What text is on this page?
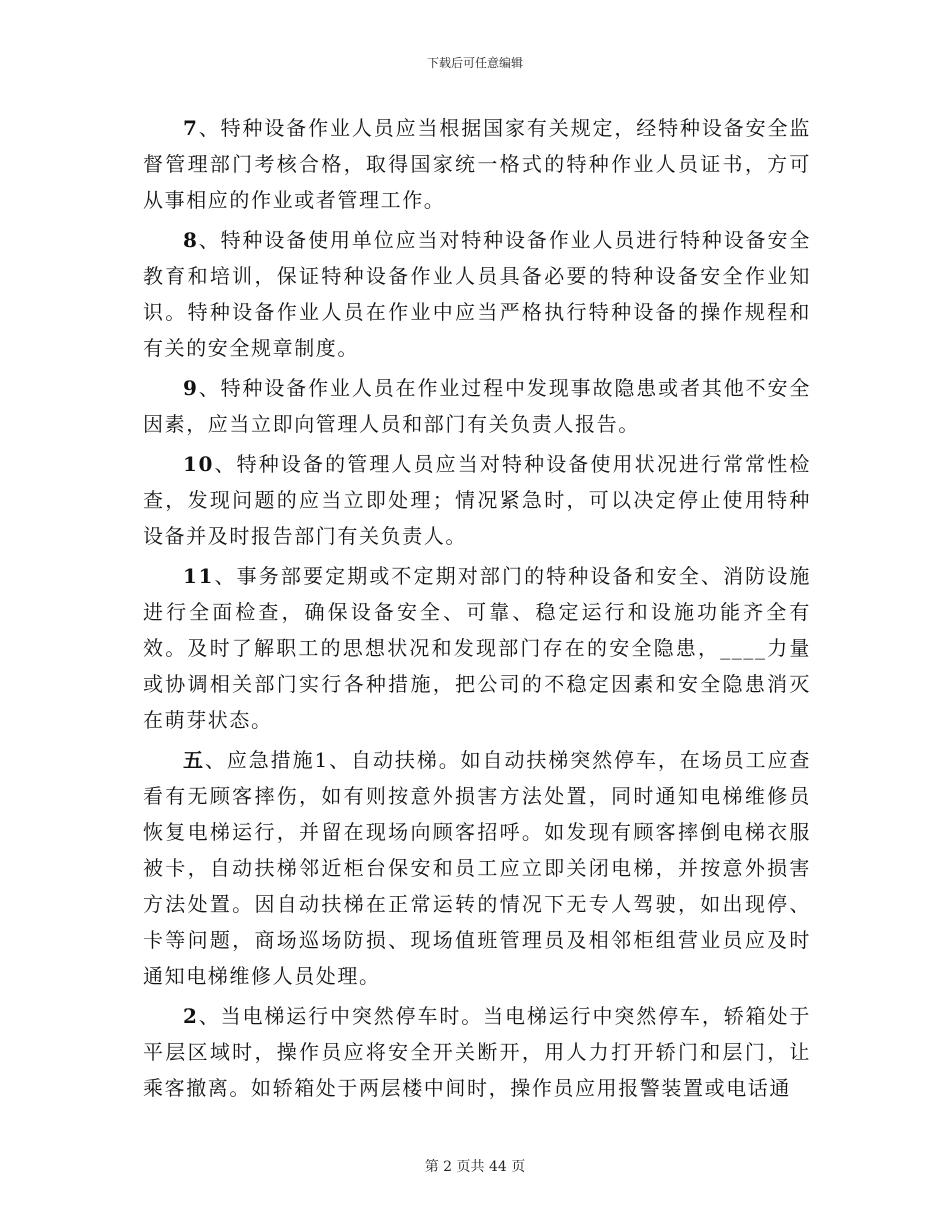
下载后可任意编辑

7、特种设备作业人员应当根据国家有关规定，经特种设备安全监督管理部门考核合格，取得国家统一格式的特种作业人员证书，方可从事相应的作业或者管理工作。

8、特种设备使用单位应当对特种设备作业人员进行特种设备安全教育和培训，保证特种设备作业人员具备必要的特种设备安全作业知识。特种设备作业人员在作业中应当严格执行特种设备的操作规程和有关的安全规章制度。

9、特种设备作业人员在作业过程中发现事故隐患或者其他不安全因素，应当立即向管理人员和部门有关负责人报告。

10、特种设备的管理人员应当对特种设备使用状况进行常常性检查，发现问题的应当立即处理；情况紧急时，可以决定停止使用特种设备并及时报告部门有关负责人。

11、事务部要定期或不定期对部门的特种设备和安全、消防设施进行全面检查，确保设备安全、可靠、稳定运行和设施功能齐全有效。及时了解职工的思想状况和发现部门存在的安全隐患，____力量或协调相关部门实行各种措施，把公司的不稳定因素和安全隐患消灭在萌芽状态。

五、应急措施1、自动扶梯。如自动扶梯突然停车，在场员工应查看有无顾客摔伤，如有则按意外损害方法处置，同时通知电梯维修员恢复电梯运行，并留在现场向顾客招呼。如发现有顾客摔倒电梯衣服被卡，自动扶梯邻近柜台保安和员工应立即关闭电梯，并按意外损害方法处置。因自动扶梯在正常运转的情况下无专人驾驶，如出现停、卡等问题，商场巡场防损、现场值班管理员及相邻柜组营业员应及时通知电梯维修人员处理。

2、当电梯运行中突然停车时。当电梯运行中突然停车，轿箱处于平层区域时，操作员应将安全开关断开，用人力打开轿门和层门，让乘客撤离。如轿箱处于两层楼中间时，操作员应用报警装置或电话通

第 2 页共 44 页
